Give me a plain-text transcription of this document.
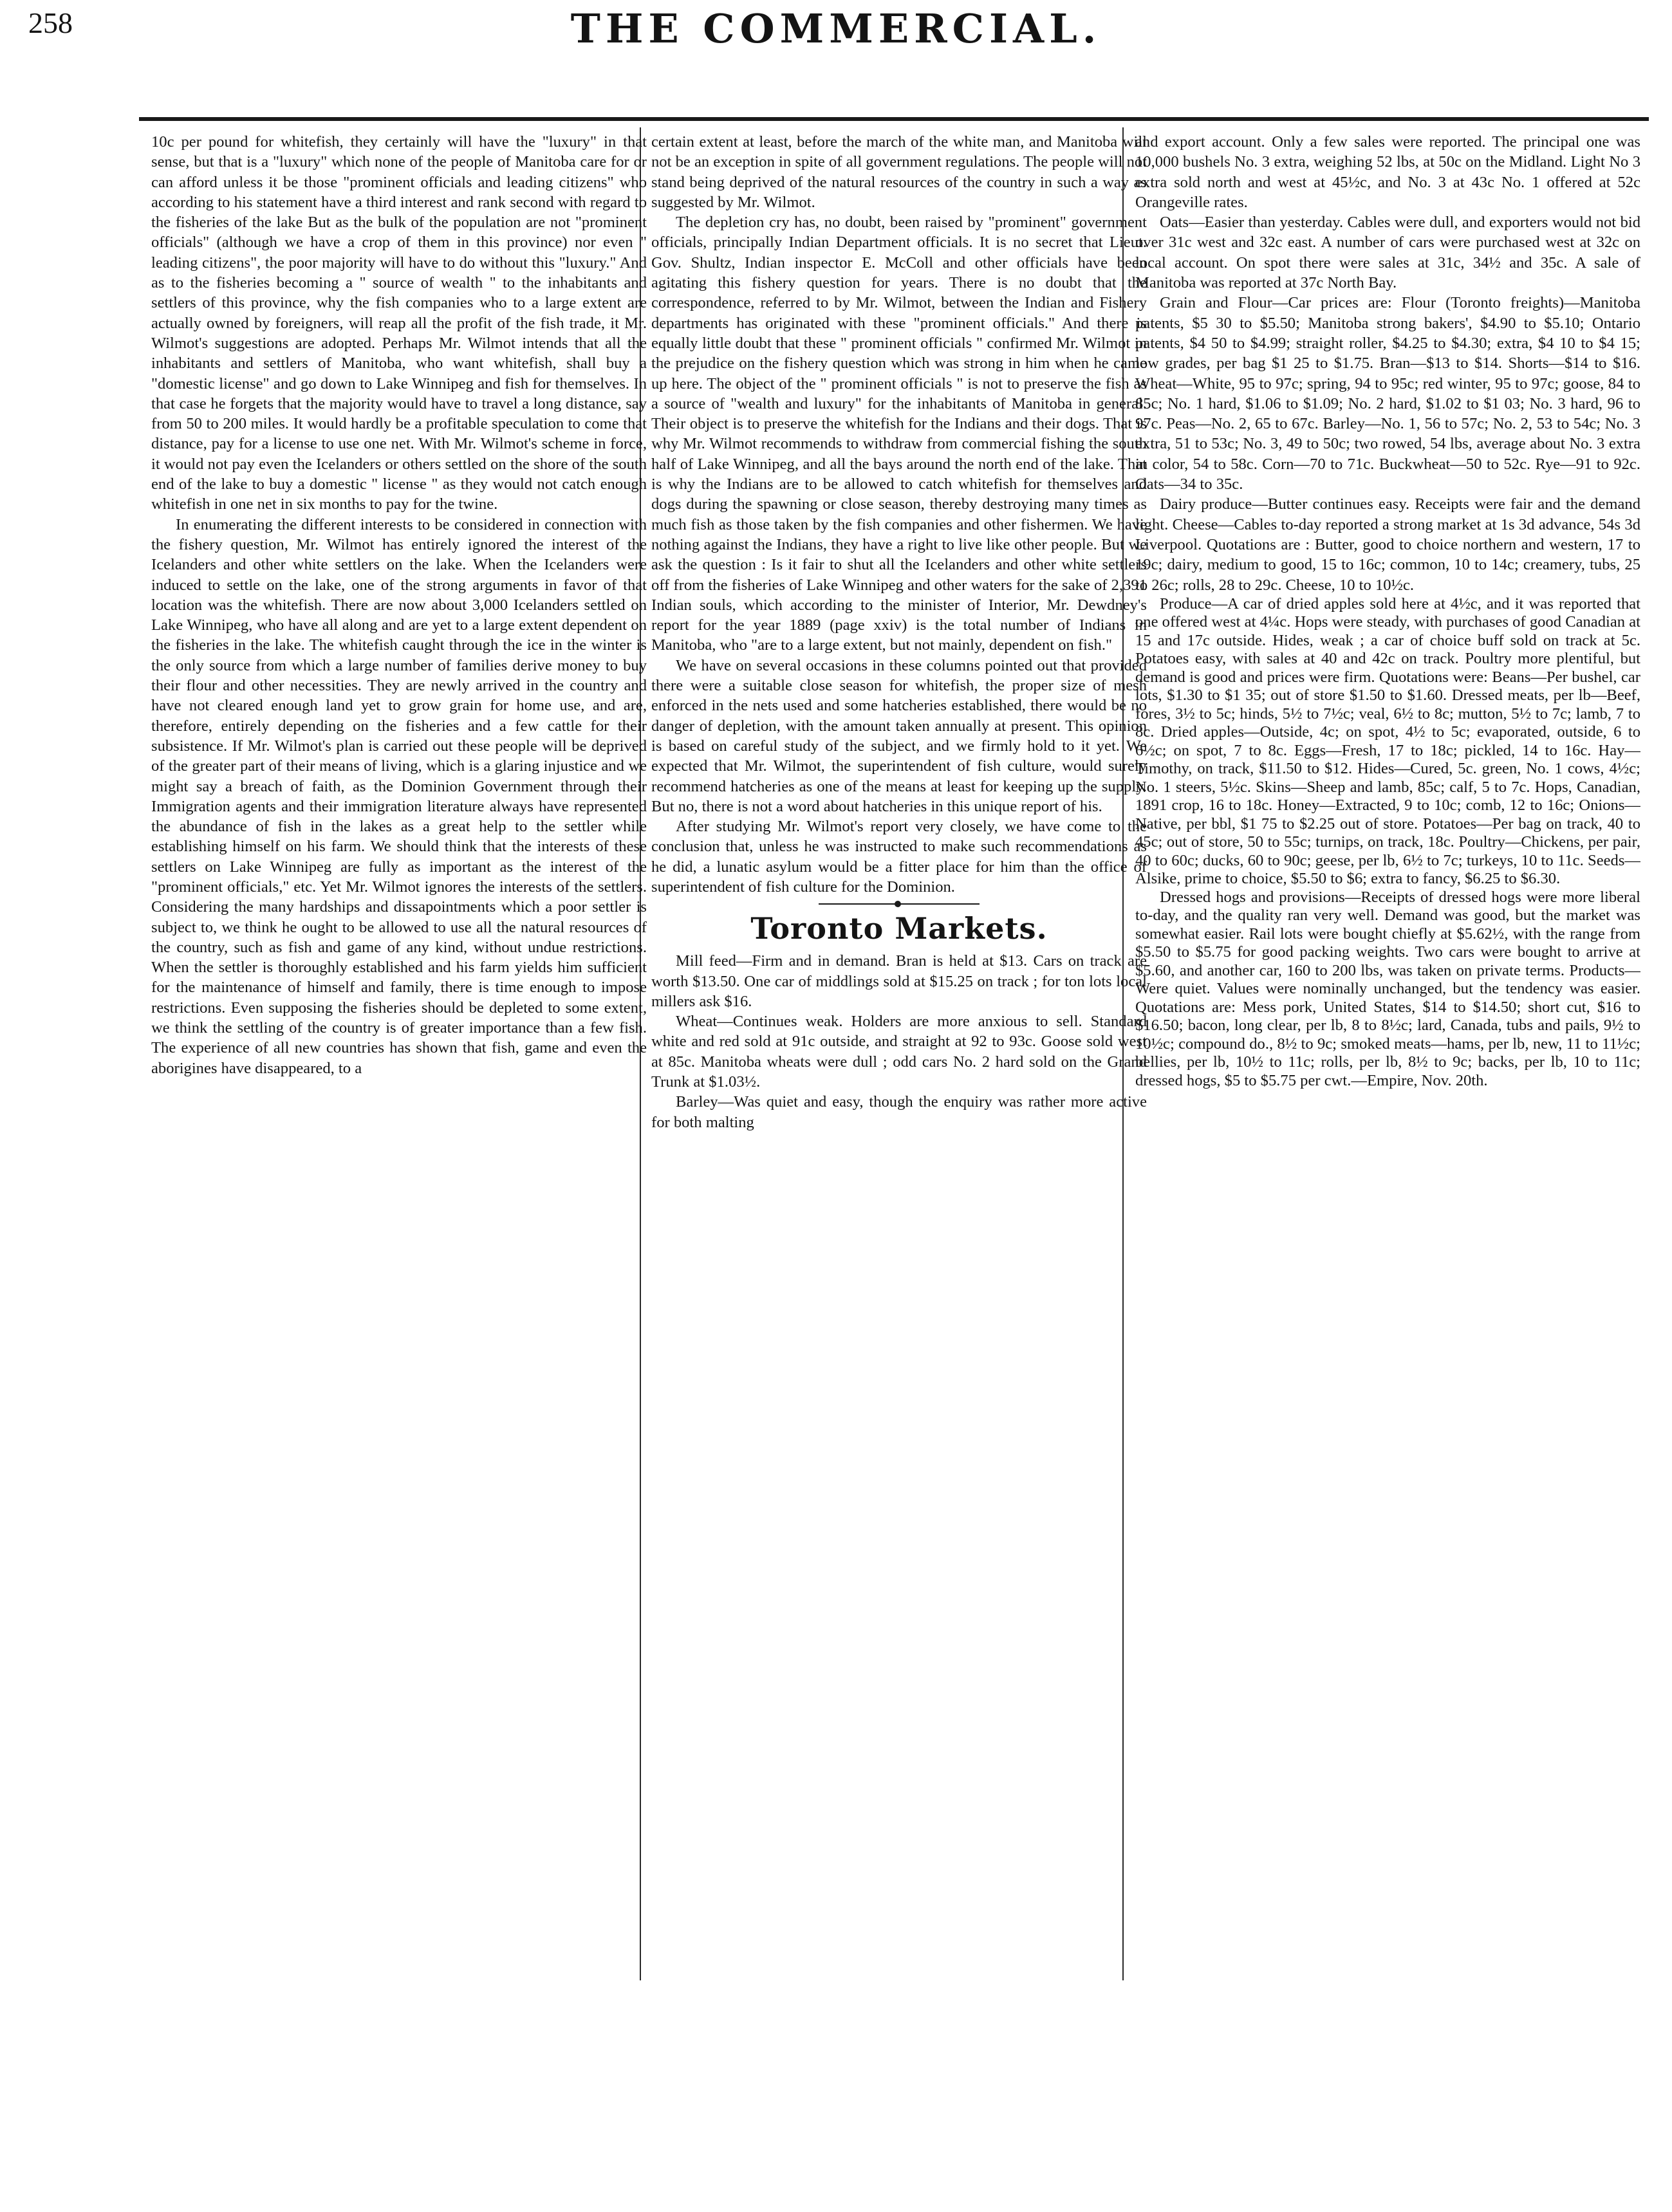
258	THE COMMERCIAL.

10c per pound for whitefish, they certainly will have the "luxury" in that sense, but that is a "luxury" which none of the people of Manitoba care for or can afford unless it be those "prominent officials and leading citizens" who according to his statement have a third interest and rank second with regard to the fisheries of the lake But as the bulk of the population are not "prominent officials" (although we have a crop of them in this province) nor even " leading citizens", the poor majority will have to do without this "luxury." And as to the fisheries becoming a " source of wealth " to the inhabitants and settlers of this province, why the fish companies who to a large extent are actually owned by foreigners, will reap all the profit of the fish trade, it Mr. Wilmot's suggestions are adopted. Perhaps Mr. Wilmot intends that all the inhabitants and settlers of Manitoba, who want whitefish, shall buy a "domestic license" and go down to Lake Winnipeg and fish for themselves. In that case he forgets that the majority would have to travel a long distance, say from 50 to 200 miles. It would hardly be a profitable speculation to come that distance, pay for a license to use one net. With Mr. Wilmot's scheme in force, it would not pay even the Icelanders or others settled on the shore of the south end of the lake to buy a domestic " license " as they would not catch enough whitefish in one net in six months to pay for the twine.

In enumerating the different interests to be considered in connection with the fishery question, Mr. Wilmot has entirely ignored the interest of the Icelanders and other white settlers on the lake. When the Icelanders were induced to settle on the lake, one of the strong arguments in favor of that location was the whitefish. There are now about 3,000 Icelanders settled on Lake Winnipeg, who have all along and are yet to a large extent dependent on the fisheries in the lake. The whitefish caught through the ice in the winter is the only source from which a large number of families derive money to buy their flour and other necessities. They are newly arrived in the country and have not cleared enough land yet to grow grain for home use, and are, therefore, entirely depending on the fisheries and a few cattle for their subsistence. If Mr. Wilmot's plan is carried out these people will be deprived of the greater part of their means of living, which is a glaring injustice and we might say a breach of faith, as the Dominion Government through their Immigration agents and their immigration literature always have represented the abundance of fish in the lakes as a great help to the settler while establishing himself on his farm. We should think that the interests of these settlers on Lake Winnipeg are fully as important as the interest of the "prominent officials," etc. Yet Mr. Wilmot ignores the interests of the settlers. Considering the many hardships and dissapointments which a poor settler is subject to, we think he ought to be allowed to use all the natural resources of the country, such as fish and game of any kind, without undue restrictions. When the settler is thoroughly established and his farm yields him sufficient for the maintenance of himself and family, there is time enough to impose restrictions. Even supposing the fisheries should be depleted to some extent, we think the settling of the country is of greater importance than a few fish. The experience of all new countries has shown that fish, game and even the aborigines have disappeared, to a

certain extent at least, before the march of the white man, and Manitoba will not be an exception in spite of all government regulations. The people will not stand being deprived of the natural resources of the country in such a way as suggested by Mr. Wilmot.

The depletion cry has, no doubt, been raised by "prominent" government officials, principally Indian Department officials. It is no secret that Lieut. Gov. Shultz, Indian inspector E. McColl and other officials have been agitating this fishery question for years. There is no doubt that the correspondence, referred to by Mr. Wilmot, between the Indian and Fishery departments has originated with these "prominent officials." And there is equally little doubt that these " prominent officials " confirmed Mr. Wilmot in the prejudice on the fishery question which was strong in him when he came up here. The object of the " prominent officials " is not to preserve the fish as a source of "wealth and luxury" for the inhabitants of Manitoba in general. Their object is to preserve the whitefish for the Indians and their dogs. That is why Mr. Wilmot recommends to withdraw from commercial fishing the south half of Lake Winnipeg, and all the bays around the north end of the lake. That is why the Indians are to be allowed to catch whitefish for themselves and dogs during the spawning or close season, thereby destroying many times as much fish as those taken by the fish companies and other fishermen. We have nothing against the Indians, they have a right to live like other people. But we ask the question : Is it fair to shut all the Icelanders and other white settlers off from the fisheries of Lake Winnipeg and other waters for the sake of 2,391 Indian souls, which according to the minister of Interior, Mr. Dewdney's report for the year 1889 (page xxiv) is the total number of Indians in Manitoba, who "are to a large extent, but not mainly, dependent on fish."

We have on several occasions in these columns pointed out that provided there were a suitable close season for whitefish, the proper size of mesh enforced in the nets used and some hatcheries established, there would be no danger of depletion, with the amount taken annually at present. This opinion is based on careful study of the subject, and we firmly hold to it yet. We expected that Mr. Wilmot, the superintendent of fish culture, would surely recommend hatcheries as one of the means at least for keeping up the supply. But no, there is not a word about hatcheries in this unique report of his.

After studying Mr. Wilmot's report very closely, we have come to the conclusion that, unless he was instructed to make such recommendations as he did, a lunatic asylum would be a fitter place for him than the office of superintendent of fish culture for the Dominion.

Toronto Markets.

Mill feed—Firm and in demand. Bran is held at $13. Cars on track are worth $13.50. One car of middlings sold at $15.25 on track ; for ton lots local millers ask $16.

Wheat—Continues weak. Holders are more anxious to sell. Standard white and red sold at 91c outside, and straight at 92 to 93c. Goose sold west at 85c. Manitoba wheats were dull ; odd cars No. 2 hard sold on the Grand Trunk at $1.03½.

Barley—Was quiet and easy, though the enquiry was rather more active for both malting

and export account. Only a few sales were reported. The principal one was 10,000 bushels No. 3 extra, weighing 52 lbs, at 50c on the Midland. Light No 3 extra sold north and west at 45½c, and No. 3 at 43c No. 1 offered at 52c Orangeville rates.

Oats—Easier than yesterday. Cables were dull, and exporters would not bid over 31c west and 32c east. A number of cars were purchased west at 32c on local account. On spot there were sales at 31c, 34½ and 35c. A sale of Manitoba was reported at 37c North Bay.

Grain and Flour—Car prices are: Flour (Toronto freights)—Manitoba patents, $5 30 to $5.50; Manitoba strong bakers', $4.90 to $5.10; Ontario patents, $4 50 to $4.99; straight roller, $4.25 to $4.30; extra, $4 10 to $4 15; low grades, per bag $1 25 to $1.75. Bran—$13 to $14. Shorts—$14 to $16. Wheat—White, 95 to 97c; spring, 94 to 95c; red winter, 95 to 97c; goose, 84 to 85c; No. 1 hard, $1.06 to $1.09; No. 2 hard, $1.02 to $1 03; No. 3 hard, 96 to 97c. Peas—No. 2, 65 to 67c. Barley—No. 1, 56 to 57c; No. 2, 53 to 54c; No. 3 extra, 51 to 53c; No. 3, 49 to 50c; two rowed, 54 lbs, average about No. 3 extra in color, 54 to 58c. Corn—70 to 71c. Buckwheat—50 to 52c. Rye—91 to 92c. Oats—34 to 35c.

Dairy produce—Butter continues easy. Receipts were fair and the demand light. Cheese—Cables to-day reported a strong market at 1s 3d advance, 54s 3d Liverpool. Quotations are : Butter, good to choice northern and western, 17 to 19c; dairy, medium to good, 15 to 16c; common, 10 to 14c; creamery, tubs, 25 to 26c; rolls, 28 to 29c. Cheese, 10 to 10½c.

Produce—A car of dried apples sold here at 4½c, and it was reported that one offered west at 4¼c. Hops were steady, with purchases of good Canadian at 15 and 17c outside. Hides, weak ; a car of choice buff sold on track at 5c. Potatoes easy, with sales at 40 and 42c on track. Poultry more plentiful, but demand is good and prices were firm. Quotations were: Beans—Per bushel, car lots, $1.30 to $1 35; out of store $1.50 to $1.60. Dressed meats, per lb—Beef, fores, 3½ to 5c; hinds, 5½ to 7½c; veal, 6½ to 8c; mutton, 5½ to 7c; lamb, 7 to 8c. Dried apples—Outside, 4c; on spot, 4½ to 5c; evaporated, outside, 6 to 6½c; on spot, 7 to 8c. Eggs—Fresh, 17 to 18c; pickled, 14 to 16c. Hay—Timothy, on track, $11.50 to $12. Hides—Cured, 5c. green, No. 1 cows, 4½c; No. 1 steers, 5½c. Skins—Sheep and lamb, 85c; calf, 5 to 7c. Hops, Canadian, 1891 crop, 16 to 18c. Honey—Extracted, 9 to 10c; comb, 12 to 16c; Onions—Native, per bbl, $1 75 to $2.25 out of store. Potatoes—Per bag on track, 40 to 45c; out of store, 50 to 55c; turnips, on track, 18c. Poultry—Chickens, per pair, 40 to 60c; ducks, 60 to 90c; geese, per lb, 6½ to 7c; turkeys, 10 to 11c. Seeds—Alsike, prime to choice, $5.50 to $6; extra to fancy, $6.25 to $6.30.

Dressed hogs and provisions—Receipts of dressed hogs were more liberal to-day, and the quality ran very well. Demand was good, but the market was somewhat easier. Rail lots were bought chiefly at $5.62½, with the range from $5.50 to $5.75 for good packing weights. Two cars were bought to arrive at $5.60, and another car, 160 to 200 lbs, was taken on private terms. Products—Were quiet. Values were nominally unchanged, but the tendency was easier. Quotations are: Mess pork, United States, $14 to $14.50; short cut, $16 to $16.50; bacon, long clear, per lb, 8 to 8½c; lard, Canada, tubs and pails, 9½ to 10½c; compound do., 8½ to 9c; smoked meats—hams, per lb, new, 11 to 11½c; bellies, per lb, 10½ to 11c; rolls, per lb, 8½ to 9c; backs, per lb, 10 to 11c; dressed hogs, $5 to $5.75 per cwt.—Empire, Nov. 20th.
